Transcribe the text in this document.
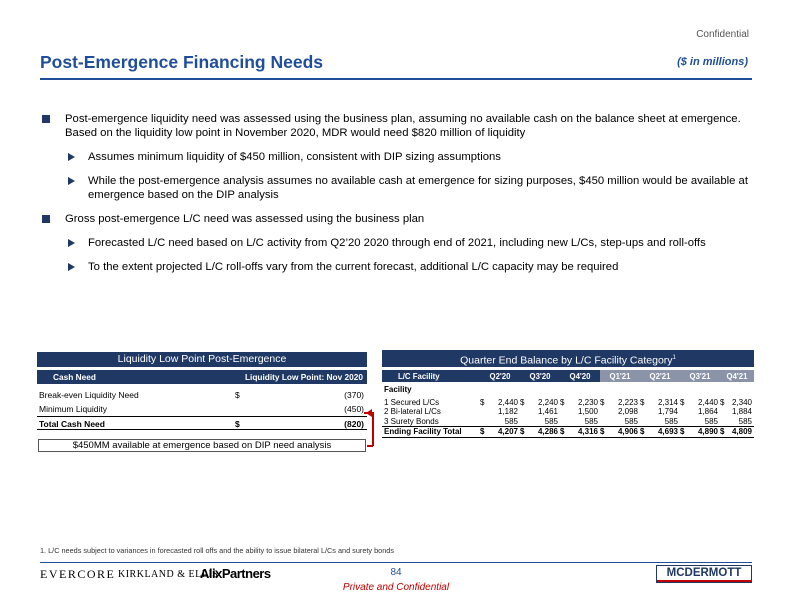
Confidential
Post-Emergence Financing Needs	($ in millions)
Post-emergence liquidity need was assessed using the business plan, assuming no available cash on the balance sheet at emergence. Based on the liquidity low point in November 2020, MDR would need $820 million of liquidity
Assumes minimum liquidity of $450 million, consistent with DIP sizing assumptions
While the post-emergence analysis assumes no available cash at emergence for sizing purposes, $450 million would be available at emergence based on the DIP analysis
Gross post-emergence L/C need was assessed using the business plan
Forecasted L/C need based on L/C activity from Q2’20 2020 through end of 2021, including new L/Cs, step-ups and roll-offs
To the extent projected L/C roll-offs vary from the current forecast, additional L/C capacity may be required
Liquidity Low Point Post-Emergence
Cash Need	Liquidity Low Point: Nov 2020
Break-even Liquidity Need	$	(370)
Minimum Liquidity	(450)
Total Cash Need	$	(820)
$450MM available at emergence based on DIP need analysis
Quarter End Balance by L/C Facility Category$^1$
L/C Facility	Q2'20		Q3'20		Q4'20		Q1'21		Q2'21		Q3'21		Q4'21	
Facility														
1 Secured L/Cs	$	2,440	$	2,240	$	2,230	$	2,223	$	2,314	$	2,440	$	2,340
2 Bi-lateral L/Cs		1,182		1,461		1,500		2,098		1,794		1,864		1,884
3 Surety Bonds		585		585		585		585		585		585		585
Ending Facility Total	$	4,207	$	4,286	$	4,316	$	4,906	$	4,693	$	4,890	$	4,809
1. L/C needs subject to variances in forecasted roll offs and the ability to issue bilateral L/Cs and surety bonds
EVERCORE KIRKLAND & ELLIS
AlixPartners	84
Private and Confidential
MCDERMOTT
